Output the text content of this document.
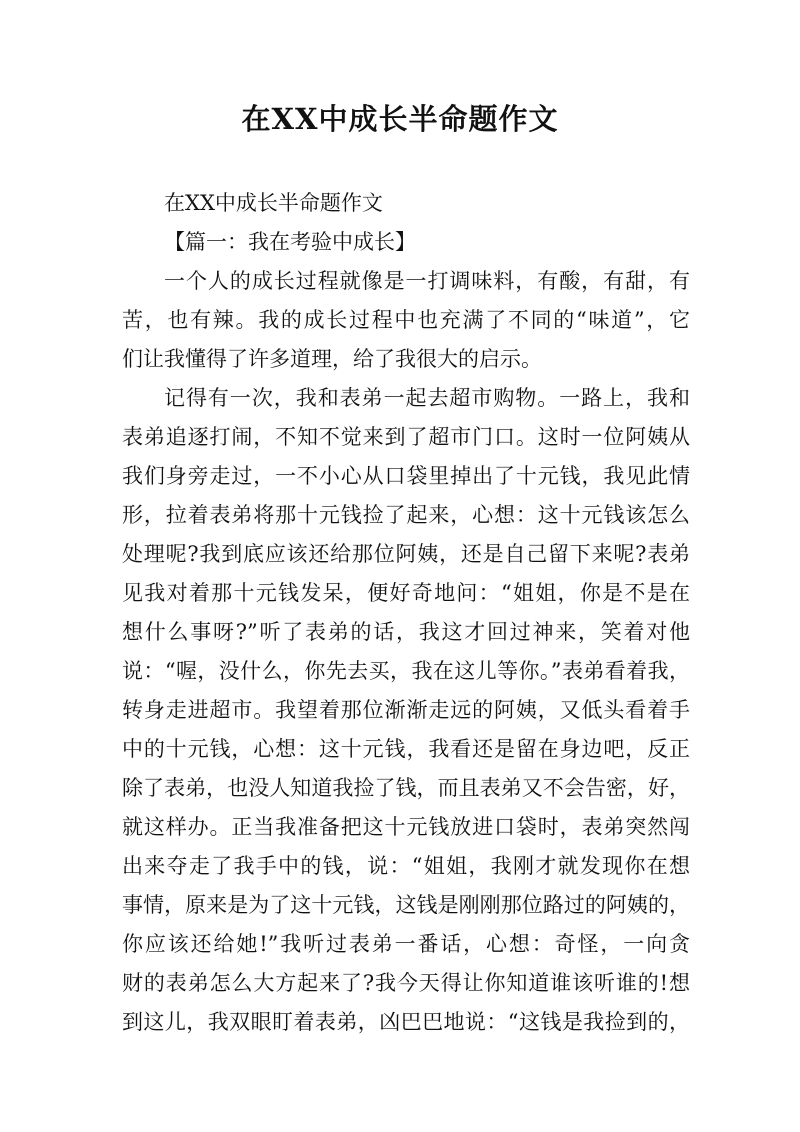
在XX中成长半命题作文
在XX中成长半命题作文
【篇一：我在考验中成长】
一个人的成长过程就像是一打调味料，有酸，有甜，有
苦，也有辣。我的成长过程中也充满了不同的“味道”，它
们让我懂得了许多道理，给了我很大的启示。
记得有一次，我和表弟一起去超市购物。一路上，我和
表弟追逐打闹，不知不觉来到了超市门口。这时一位阿姨从
我们身旁走过，一不小心从口袋里掉出了十元钱，我见此情
形，拉着表弟将那十元钱捡了起来，心想：这十元钱该怎么
处理呢?我到底应该还给那位阿姨，还是自己留下来呢?表弟
见我对着那十元钱发呆，便好奇地问：“姐姐，你是不是在
想什么事呀?”听了表弟的话，我这才回过神来，笑着对他
说：“喔，没什么，你先去买，我在这儿等你。”表弟看着我，
转身走进超市。我望着那位渐渐走远的阿姨，又低头看着手
中的十元钱，心想：这十元钱，我看还是留在身边吧，反正
除了表弟，也没人知道我捡了钱，而且表弟又不会告密，好，
就这样办。正当我准备把这十元钱放进口袋时，表弟突然闯
出来夺走了我手中的钱，说：“姐姐，我刚才就发现你在想
事情，原来是为了这十元钱，这钱是刚刚那位路过的阿姨的，
你应该还给她!”我听过表弟一番话，心想：奇怪，一向贪
财的表弟怎么大方起来了?我今天得让你知道谁该听谁的!想
到这儿，我双眼盯着表弟，凶巴巴地说：“这钱是我捡到的，
